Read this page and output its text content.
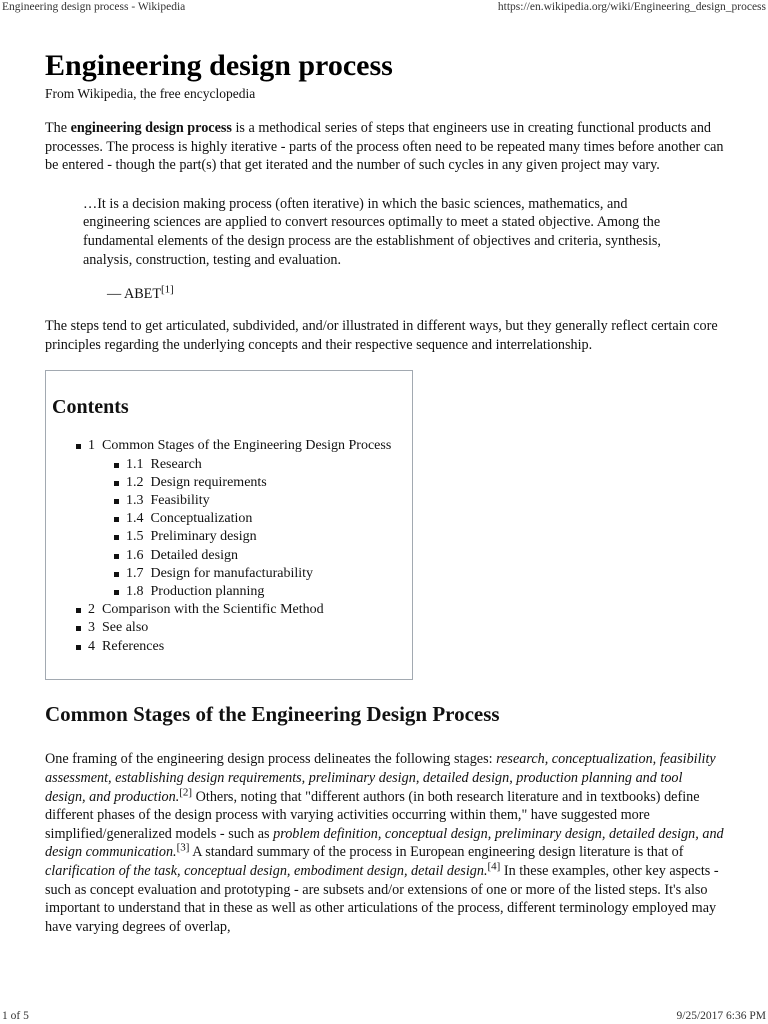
Engineering design process - Wikipedia	https://en.wikipedia.org/wiki/Engineering_design_process
Engineering design process
From Wikipedia, the free encyclopedia

The engineering design process is a methodical series of steps that engineers use in creating functional products and processes. The process is highly iterative - parts of the process often need to be repeated many times before another can be entered - though the part(s) that get iterated and the number of such cycles in any given project may vary.

…It is a decision making process (often iterative) in which the basic sciences, mathematics, and engineering sciences are applied to convert resources optimally to meet a stated objective. Among the fundamental elements of the design process are the establishment of objectives and criteria, synthesis, analysis, construction, testing and evaluation.
— ABET[1]

The steps tend to get articulated, subdivided, and/or illustrated in different ways, but they generally reflect certain core principles regarding the underlying concepts and their respective sequence and interrelationship.

Contents
1 Common Stages of the Engineering Design Process
1.1 Research
1.2 Design requirements
1.3 Feasibility
1.4 Conceptualization
1.5 Preliminary design
1.6 Detailed design
1.7 Design for manufacturability
1.8 Production planning
2 Comparison with the Scientific Method
3 See also
4 References
Common Stages of the Engineering Design Process

One framing of the engineering design process delineates the following stages: research, conceptualization, feasibility assessment, establishing design requirements, preliminary design, detailed design, production planning and tool design, and production.[2] Others, noting that "different authors (in both research literature and in textbooks) define different phases of the design process with varying activities occurring within them," have suggested more simplified/generalized models - such as problem definition, conceptual design, preliminary design, detailed design, and design communication.[3] A standard summary of the process in European engineering design literature is that of clarification of the task, conceptual design, embodiment design, detail design.[4] In these examples, other key aspects - such as concept evaluation and prototyping - are subsets and/or extensions of one or more of the listed steps. It's also important to understand that in these as well as other articulations of the process, different terminology employed may have varying degrees of overlap,

1 of 5	9/25/2017 6:36 PM
